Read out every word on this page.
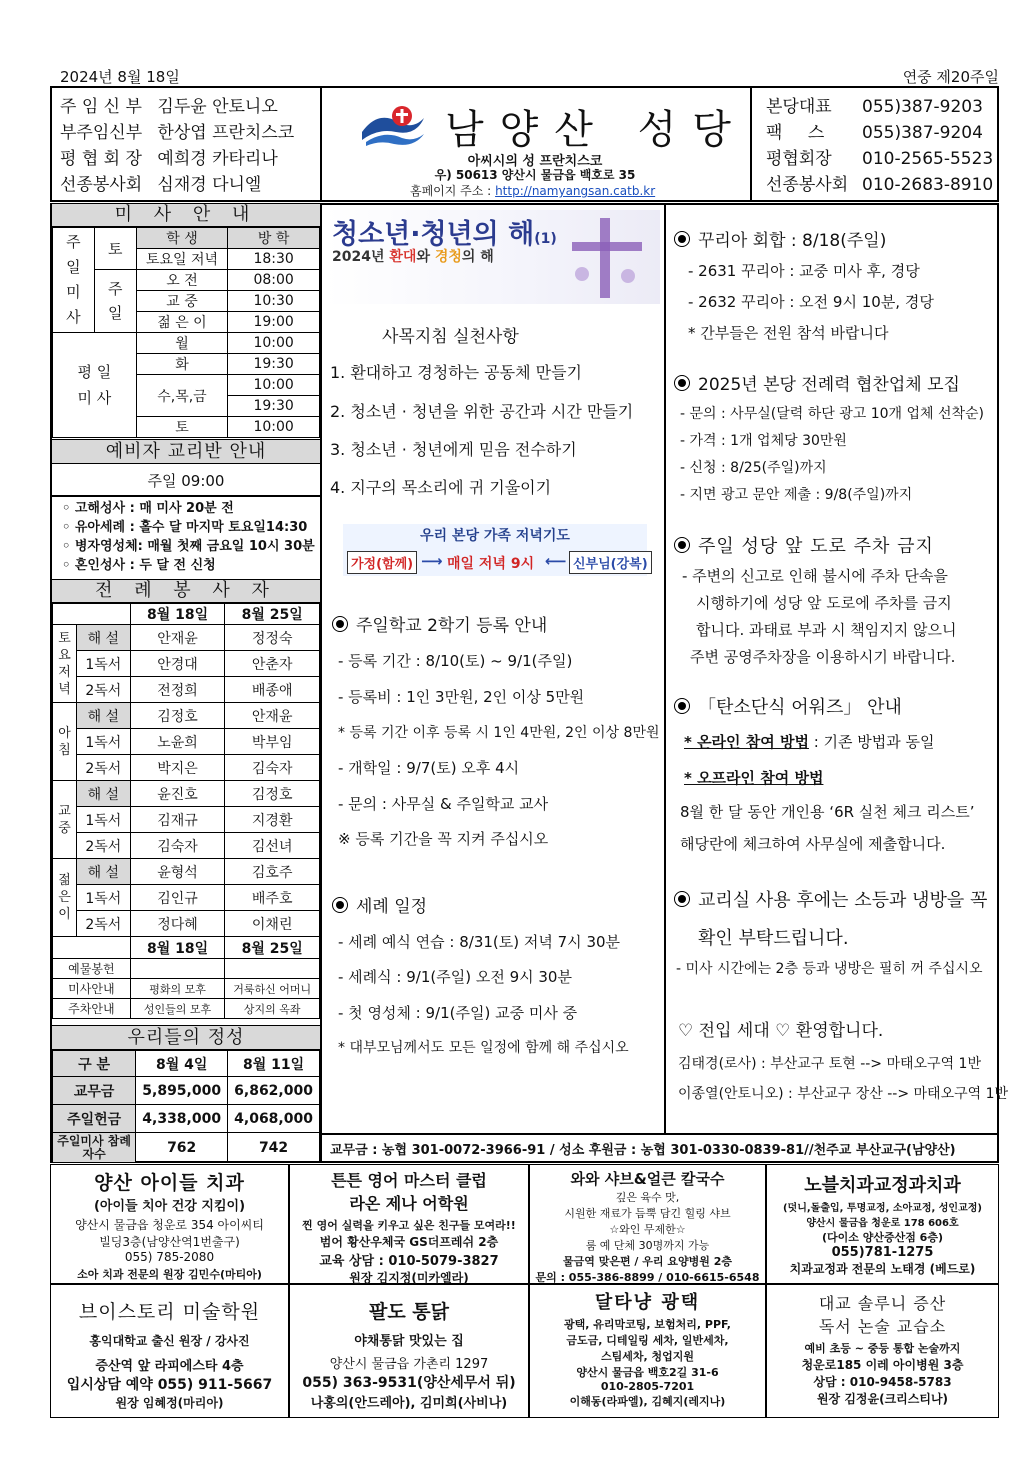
2024년 8월 18일	연중 제20주일
주 임 신 부 김두윤 안토니오
부주임신부 한상엽 프란치스코
평 협 회 장 예희경 카타리나
선종봉사회 심재경 다니엘
남양산 성당
아씨시의 성 프란치스코
우) 50613 양산시 물금읍 백호로 35
홈페이지 주소 : http://namyangsan.catb.kr
본당대표 055)387-9203
팩 스 055)387-9204
평협회장 010-2565-5523
선종봉사회 010-2683-8910
미 사 안 내
주
일
미
사	토	학 생	방 학
		토요일 저녁	18:30
	주
일	오 전	08:00
		교 중	10:30
		젊 은 이	19:00
평 일
미 사		월	10:00
		화	19:30
		수,목,금	10:00
			19:30
		토	10:00
예비자 교리반 안내
주일 09:00
◦ 고해성사 : 매 미사 20분 전
◦ 유아세례 : 홀수 달 마지막 토요일14:30
◦ 병자영성체: 매월 첫째 금요일 10시 30분
◦ 혼인성사 : 두 달 전 신청
전 례 봉 사 자
		8월 18일	8월 25일
토
요
저
녁	해 설	안재윤	정정숙
	1독서	안경대	안춘자
	2독서	전정희	배종애
아
침	해 설	김정호	안재윤
	1독서	노윤희	박부임
	2독서	박지은	김숙자
교
중	해 설	윤진호	김정호
	1독서	김재규	지경환
	2독서	김숙자	김선녀
젊
은
이	해 설	윤형석	김호주
	1독서	김인규	배주호
	2독서	정다혜	이채린
		8월 18일	8월 25일
예물봉헌			
미사안내		평화의 모후	거룩하신 어머니
주차안내		성인들의 모후	상지의 옥좌
우리들의 정성
구 분	8월 4일	8월 11일
교무금	5,895,000	6,862,000
주일헌금	4,338,000	4,068,000
주일미사 참례자수	762	742
청소년·청년의 해(1)
2024년 환대와 경청의 해
사목지침 실천사항
1. 환대하고 경청하는 공동체 만들기
2. 청소년 · 청년을 위한 공간과 시간 만들기
3. 청소년 · 청년에게 믿음 전수하기
4. 지구의 목소리에 귀 기울이기
우리 본당 가족 저녁기도
가정(함께) ⟶ 매일 저녁 9시 ⟵ 신부님(강복)
주일학교 2학기 등록 안내
- 등록 기간 : 8/10(토) ~ 9/1(주일)
- 등록비 : 1인 3만원, 2인 이상 5만원
* 등록 기간 이후 등록 시 1인 4만원, 2인 이상 8만원
- 개학일 : 9/7(토) 오후 4시
- 문의 : 사무실 & 주일학교 교사
※ 등록 기간을 꼭 지켜 주십시오
세례 일정
- 세례 예식 연습 : 8/31(토) 저녁 7시 30분
- 세례식 : 9/1(주일) 오전 9시 30분
- 첫 영성체 : 9/1(주일) 교중 미사 중
* 대부모님께서도 모든 일정에 함께 해 주십시오
꾸리아 회합 : 8/18(주일)
- 2631 꾸리아 : 교중 미사 후, 경당
- 2632 꾸리아 : 오전 9시 10분, 경당
* 간부들은 전원 참석 바랍니다
2025년 본당 전례력 협찬업체 모집
- 문의 : 사무실(달력 하단 광고 10개 업체 선착순)
- 가격 : 1개 업체당 30만원
- 신청 : 8/25(주일)까지
- 지면 광고 문안 제출 : 9/8(주일)까지
주일 성당 앞 도로 주차 금지
- 주변의 신고로 인해 불시에 주차 단속을
시행하기에 성당 앞 도로에 주차를 금지
합니다. 과태료 부과 시 책임지지 않으니
주변 공영주차장을 이용하시기 바랍니다.
「탄소단식 어워즈」 안내
* 온라인 참여 방법 : 기존 방법과 동일
* 오프라인 참여 방법
8월 한 달 동안 개인용 ‘6R 실천 체크 리스트’
해당란에 체크하여 사무실에 제출합니다.
교리실 사용 후에는 소등과 냉방을 꼭
확인 부탁드립니다.
- 미사 시간에는 2층 등과 냉방은 필히 꺼 주십시오
♡ 전입 세대 ♡ 환영합니다.
김태경(로사) : 부산교구 토현 --> 마태오구역 1반
이종열(안토니오) : 부산교구 장산 --> 마태오구역 1반
교무금 : 농협 301-0072-3966-91 / 성소 후원금 : 농협 301-0330-0839-81//천주교 부산교구(남양산)
양산 아이들 치과
(아이들 치아 건강 지킴이)
양산시 물금읍 청운로 354 아이씨티
빌딩3층(남양산역1번출구)
055) 785-2080
소아 치과 전문의 원장 김민수(마티아)
튼튼 영어 마스터 클럽
라온 제나 어학원
찐 영어 실력을 키우고 싶은 친구들 모여라!!
범어 황산우체국 GS더프레쉬 2층
교육 상담 : 010-5079-3827
원장 김지정(미카엘라)
와와 샤브&얼큰 칼국수
깊은 육수 맛,
시원한 재료가 듬뿍 담긴 힐링 샤브
☆와인 무제한☆
룸 예 단체 30명까지 가능
물금역 맞은편 / 우리 요양병원 2층
문의 : 055-386-8899 / 010-6615-6548
노블치과교정과치과
(덧니,돌출입, 투명교정, 소아교정, 성인교정)
양산시 물금읍 청운로 178 606호
(다이소 양산증산점 6층)
055)781-1275
치과교정과 전문의 노태경 (베드로)
브이스토리 미술학원
홍익대학교 출신 원장 / 강사진
증산역 앞 라피에스타 4층
입시상담 예약 055) 911-5667
원장 임혜정(마리아)
팔도 통닭
야채통닭 맛있는 집
양산시 물금읍 가촌리 1297
055) 363-9531(양산세무서 뒤)
나홍의(안드레아), 김미희(사비나)
달타냥 광택
광택, 유리막코팅, 보험처리, PPF,
금도금, 디테일링 세차, 일반세차,
스팀세차, 청업지원
양산시 물금읍 백호2길 31-6
010-2805-7201
이해동(라파엘), 김혜지(레지나)
대교 솔루니 증산
독서 논술 교습소
예비 초등 ~ 중등 통합 논술까지
청운로185 이레 아이병원 3층
상담 : 010-9458-5783
원장 김정윤(크리스티나)
